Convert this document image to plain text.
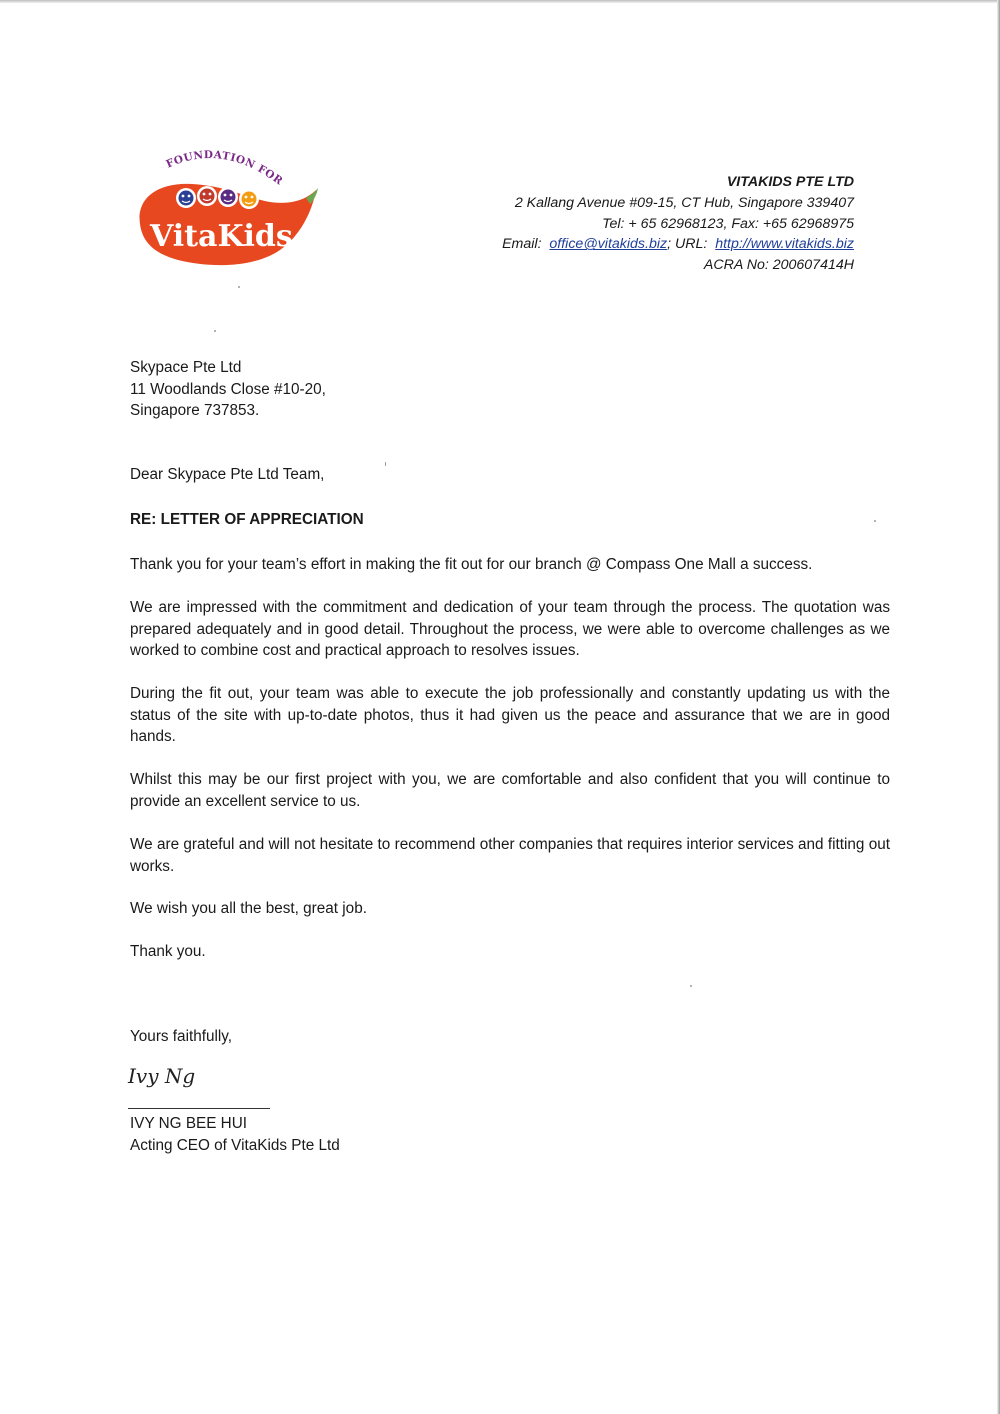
FOUNDATION FOR
VitaKids
VITAKIDS PTE LTD
2 Kallang Avenue #09-15, CT Hub, Singapore 339407
Tel: + 65 62968123, Fax: +65 62968975
Email: office@vitakids.biz; URL: http://www.vitakids.biz
ACRA No: 200607414H

Skypace Pte Ltd

11 Woodlands Close #10-20,

Singapore 737853.

Dear Skypace Pte Ltd Team,
RE: LETTER OF APPRECIATION
Thank you for your team’s effort in making the fit out for our branch @ Compass One Mall a success.
We are impressed with the commitment and dedication of your team through the process. The quotation was prepared adequately and in good detail. Throughout the process, we were able to overcome challenges as we worked to combine cost and practical approach to resolves issues.
During the fit out, your team was able to execute the job professionally and constantly updating us with the status of the site with up-to-date photos, thus it had given us the peace and assurance that we are in good hands.
Whilst this may be our first project with you, we are comfortable and also confident that you will continue to provide an excellent service to us.
We are grateful and will not hesitate to recommend other companies that requires interior services and fitting out works.
We wish you all the best, great job.
Thank you.
Yours faithfully,
Ivy Ng

IVY NG BEE HUI

Acting CEO of VitaKids Pte Ltd
